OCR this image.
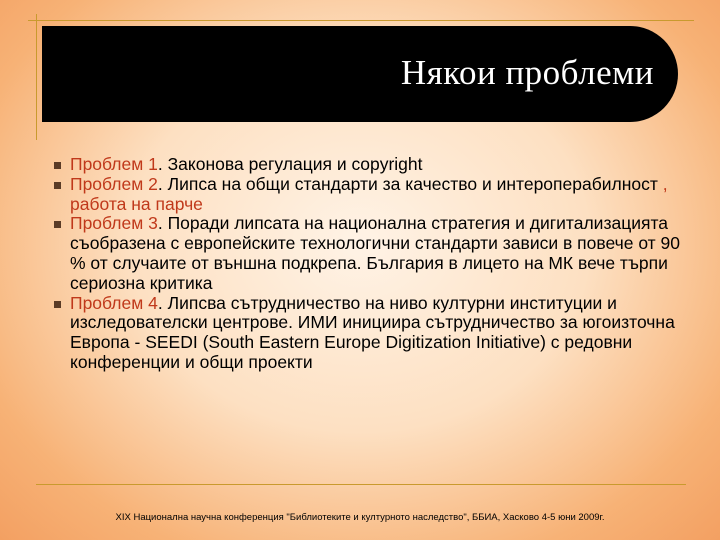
Някои проблеми
Проблем 1. Законова регулация и copyright
Проблем 2. Липса на общи стандарти за качество и интероперабилност , работа на парче
Проблем 3. Поради липсата на национална стратегия и дигитализацията съобразена с европейските технологични стандарти зависи в повече от 90 % от случаите от външна подкрепа. България в лицето на МК вече търпи сериозна критика
Проблем 4. Липсва сътрудничество на ниво културни институции и изследователски центрове. ИМИ инициира сътрудничество за югоизточна Европа - SEEDI (South Eastern Europe Digitization Initiative) с редовни конференции и общи проекти
XIX Национална научна конференция "Библиотеките и културното наследство", ББИА, Хасково 4-5 юни 2009г.
